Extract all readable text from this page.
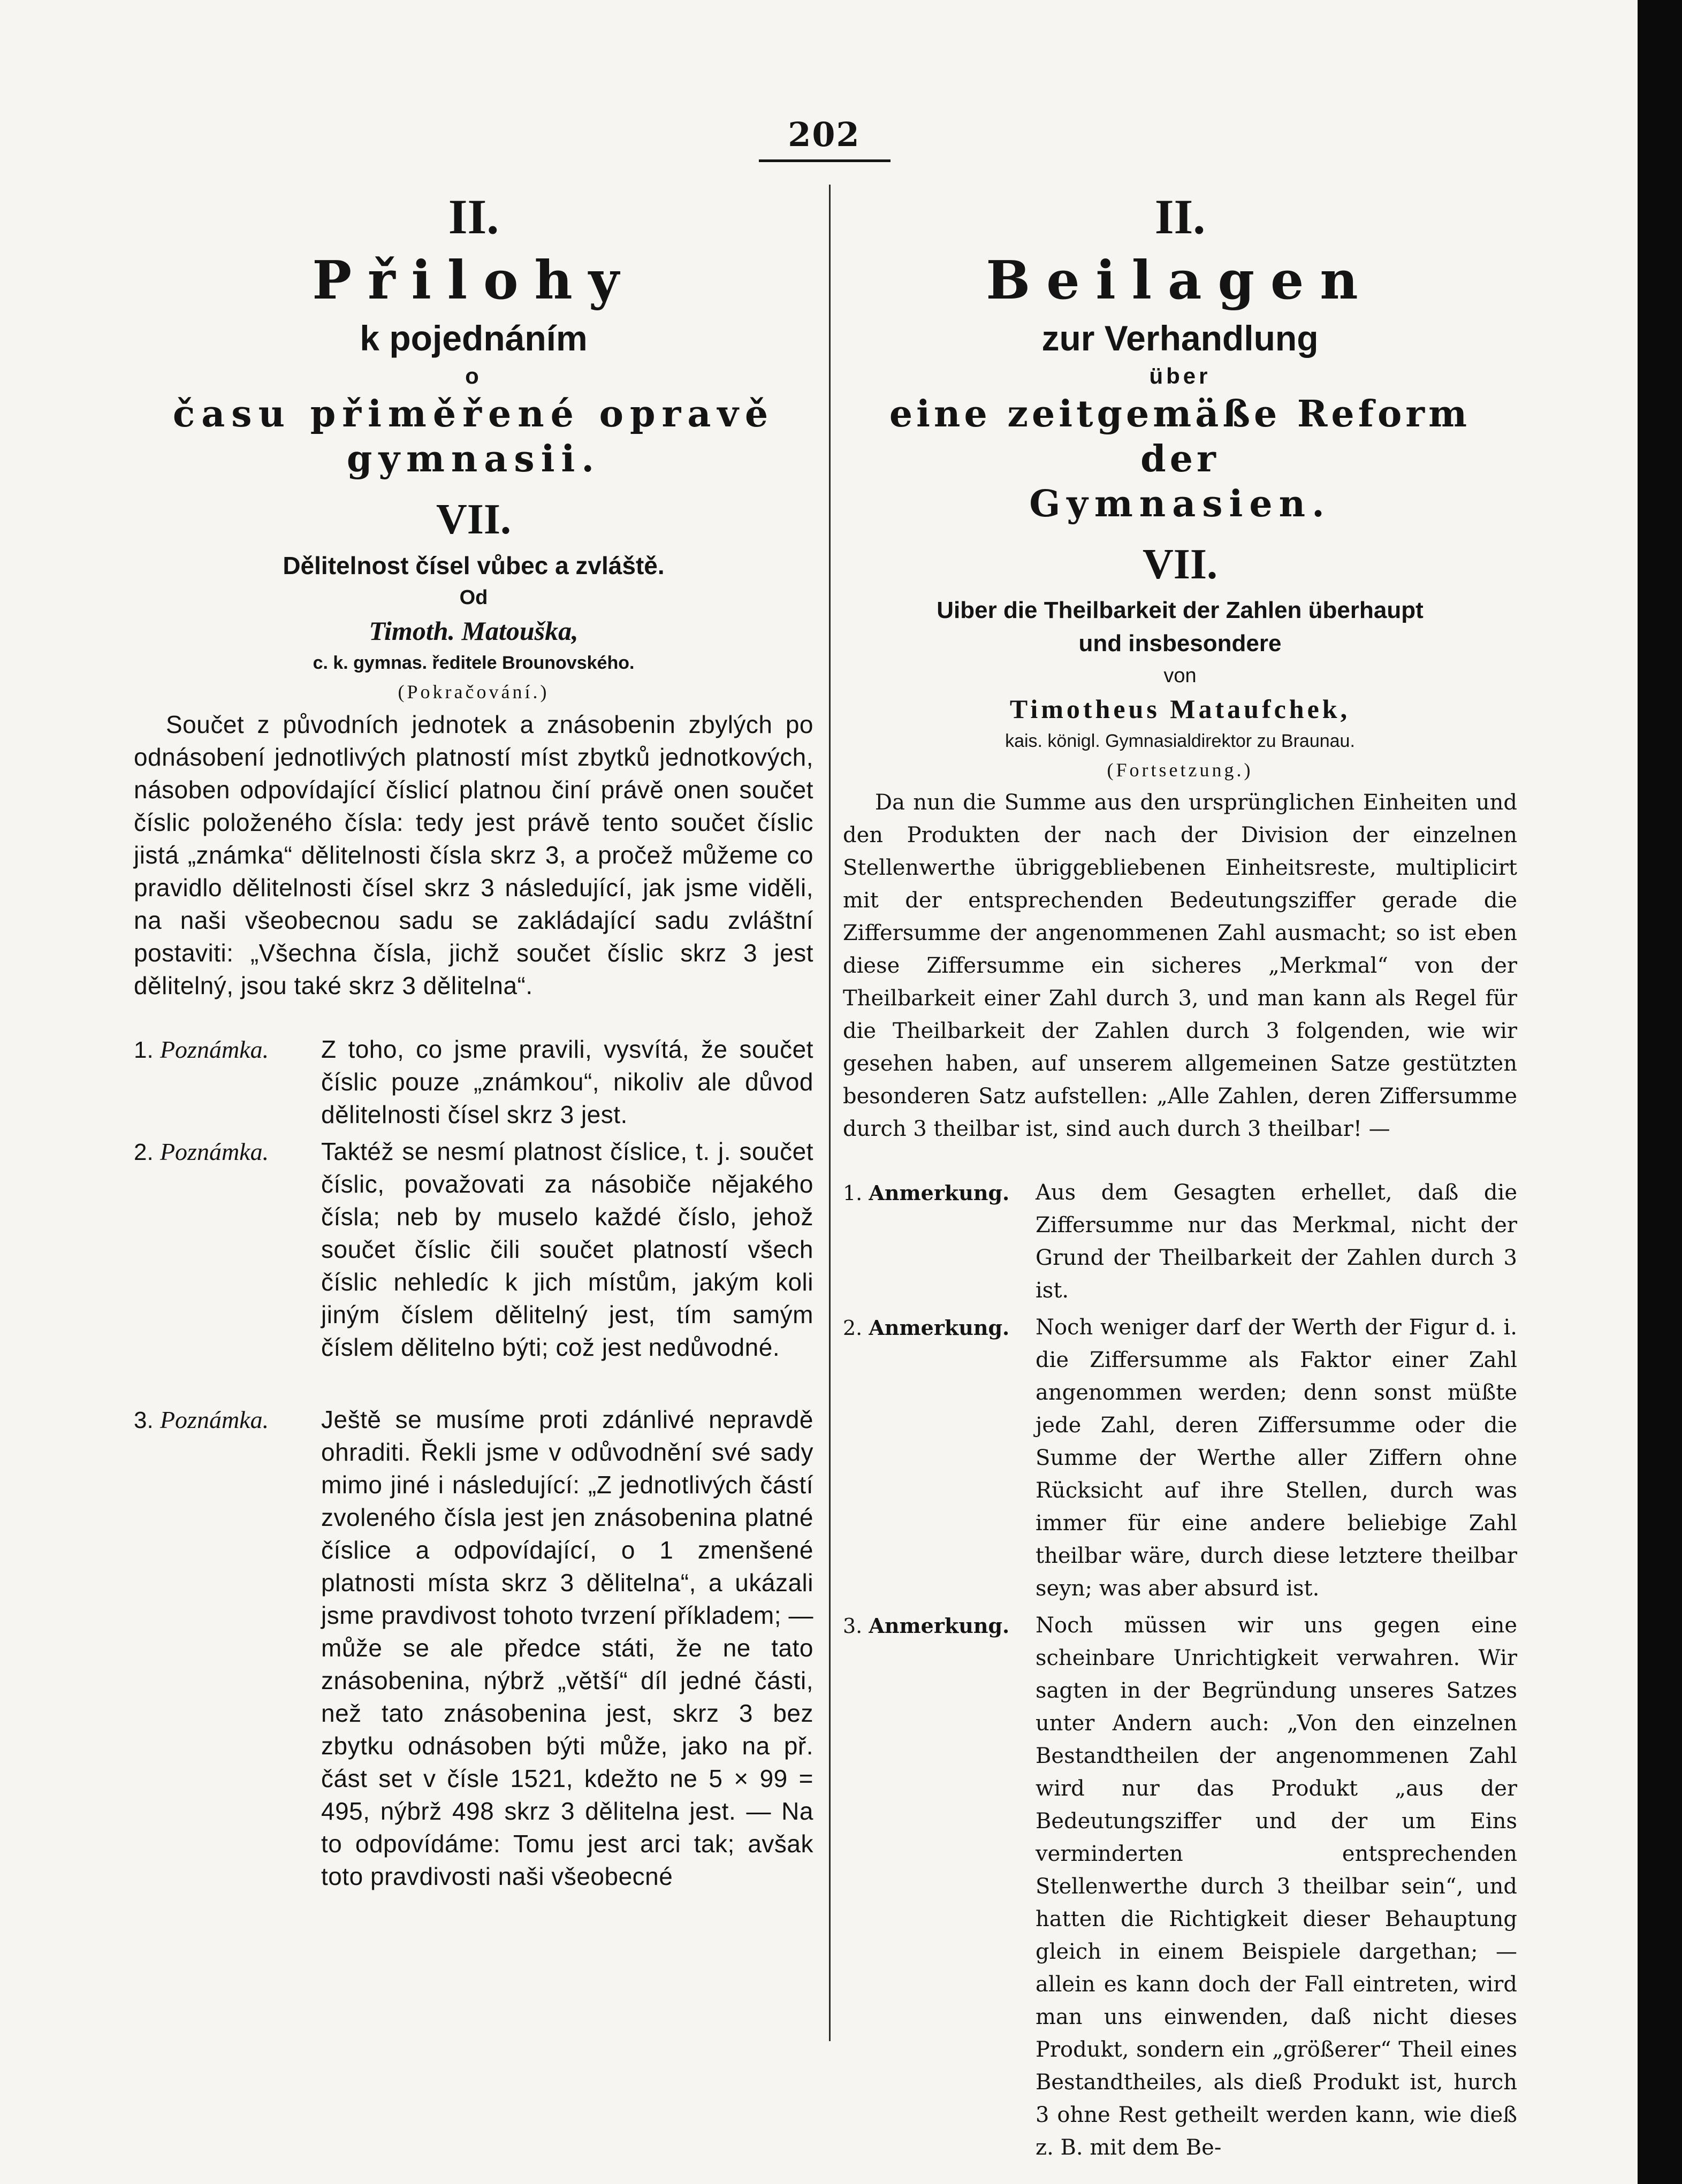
202

II.

Přilohy

k pojednáním

o

času přiměřené opravě

gymnasii.

VII.

Dělitelnost čísel vůbec a zvláště.

Od

Timoth. Matouška,

c. k. gymnas. ředitele Brounovského.

(Pokračování.)

Součet z původních jednotek a znásobenin zbylých po odnásobení jednotlivých platností míst zbytků jednotkových, násoben odpovídající číslicí platnou činí právě onen součet číslic položeného čísla: tedy jest právě tento součet číslic jistá „známka“ dělitelnosti čísla skrz 3, a pročež můžeme co pravidlo dělitelnosti čísel skrz 3 následující, jak jsme viděli, na naši všeobecnou sadu se zakládající sadu zvláštní postaviti: „Všechna čísla, jichž součet číslic skrz 3 jest dělitelný, jsou také skrz 3 dělitelna“.

1. Poznámka.	Z toho, co jsme pravili, vysvítá, že součet číslic pouze „známkou“, nikoliv ale důvod dělitelnosti čísel skrz 3 jest.
2. Poznámka.	Taktéž se nesmí platnost číslice, t. j. součet číslic, považovati za násobiče nějakého čísla; neb by muselo každé číslo, jehož součet číslic čili součet platností všech číslic nehledíc k jich místům, jakým koli jiným číslem dělitelný jest, tím samým číslem dělitelno býti; což jest nedůvodné.
3. Poznámka.	Ještě se musíme proti zdánlivé nepravdě ohraditi. Řekli jsme v odůvodnění své sady mimo jiné i následující: „Z jednotlivých částí zvoleného čísla jest jen znásobenina platné číslice a odpovídající, o 1 zmenšené platnosti místa skrz 3 dělitelna“, a ukázali jsme pravdivost tohoto tvrzení příkladem; — může se ale předce státi, že ne tato znásobenina, nýbrž „větší“ díl jedné části, než tato znásobenina jest, skrz 3 bez zbytku odnásoben býti může, jako na př. část set v čísle 1521, kdežto ne 5 × 99 = 495, nýbrž 498 skrz 3 dělitelna jest. — Na to odpovídáme: Tomu jest arci tak; avšak toto pravdivosti naši všeobecné

II.

Beilagen

zur Verhandlung

über

eine zeitgemäße Reform der

Gymnasien.

VII.

Uiber die Theilbarkeit der Zahlen überhaupt

und insbesondere

von

Timotheus Mataufchek,

kais. königl. Gymnasialdirektor zu Braunau.

(Fortsetzung.)

Da nun die Summe aus den ursprünglichen Einheiten und den Produkten der nach der Division der einzelnen Stellenwerthe übriggebliebenen Einheitsreste, multiplicirt mit der entsprechenden Bedeutungsziffer gerade die Ziffersumme der angenommenen Zahl ausmacht; so ist eben diese Ziffersumme ein sicheres „Merkmal“ von der Theilbarkeit einer Zahl durch 3, und man kann als Regel für die Theilbarkeit der Zahlen durch 3 folgenden, wie wir gesehen haben, auf unserem allgemeinen Satze gestützten besonderen Satz aufstellen: „Alle Zahlen, deren Ziffersumme durch 3 theilbar ist, sind auch durch 3 theilbar! —

1. Anmerkung.	Aus dem Gesagten erhellet, daß die Ziffersumme nur das Merkmal, nicht der Grund der Theilbarkeit der Zahlen durch 3 ist.
2. Anmerkung.	Noch weniger darf der Werth der Figur d. i. die Ziffersumme als Faktor einer Zahl angenommen werden; denn sonst müßte jede Zahl, deren Ziffersumme oder die Summe der Werthe aller Ziffern ohne Rücksicht auf ihre Stellen, durch was immer für eine andere beliebige Zahl theilbar wäre, durch diese letztere theilbar seyn; was aber absurd ist.
3. Anmerkung.	Noch müssen wir uns gegen eine scheinbare Unrichtigkeit verwahren. Wir sagten in der Begründung unseres Satzes unter Andern auch: „Von den einzelnen Bestandtheilen der angenommenen Zahl wird nur das Produkt „aus der Bedeutungsziffer und der um Eins verminderten entsprechenden Stellenwerthe durch 3 theilbar sein“, und hatten die Richtigkeit dieser Behauptung gleich in einem Beispiele dargethan; — allein es kann doch der Fall eintreten, wird man uns einwenden, daß nicht dieses Produkt, sondern ein „größerer“ Theil eines Bestandtheiles, als dieß Produkt ist, hurch 3 ohne Rest getheilt werden kann, wie dieß z. B. mit dem Be-
